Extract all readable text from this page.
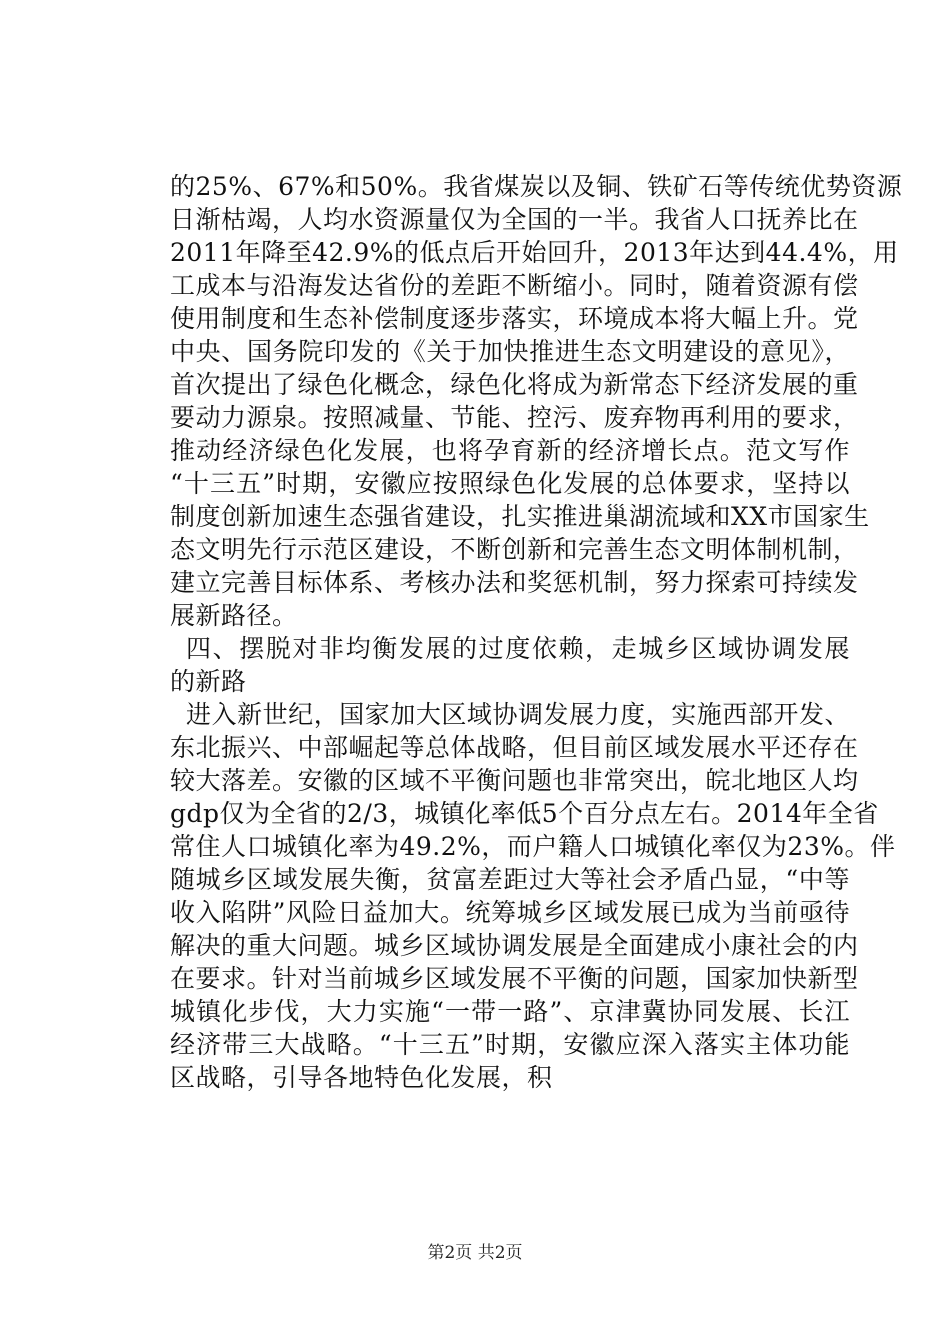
的25%、67%和50%。我省煤炭以及铜、铁矿石等传统优势资源
日渐枯竭，人均水资源量仅为全国的一半。我省人口抚养比在
2011年降至42.9%的低点后开始回升，2013年达到44.4%，用
工成本与沿海发达省份的差距不断缩小。同时，随着资源有偿
使用制度和生态补偿制度逐步落实，环境成本将大幅上升。党
中央、国务院印发的《关于加快推进生态文明建设的意见》，
首次提出了绿色化概念，绿色化将成为新常态下经济发展的重
要动力源泉。按照减量、节能、控污、废弃物再利用的要求，
推动经济绿色化发展，也将孕育新的经济增长点。范文写作
“十三五”时期，安徽应按照绿色化发展的总体要求，坚持以
制度创新加速生态强省建设，扎实推进巢湖流域和XX市国家生
态文明先行示范区建设，不断创新和完善生态文明体制机制，
建立完善目标体系、考核办法和奖惩机制，努力探索可持续发
展新路径。
四、摆脱对非均衡发展的过度依赖，走城乡区域协调发展
的新路
进入新世纪，国家加大区域协调发展力度，实施西部开发、
东北振兴、中部崛起等总体战略，但目前区域发展水平还存在
较大落差。安徽的区域不平衡问题也非常突出，皖北地区人均
gdp仅为全省的2/3，城镇化率低5个百分点左右。2014年全省
常住人口城镇化率为49.2%，而户籍人口城镇化率仅为23%。伴
随城乡区域发展失衡，贫富差距过大等社会矛盾凸显，“中等
收入陷阱”风险日益加大。统筹城乡区域发展已成为当前亟待
解决的重大问题。城乡区域协调发展是全面建成小康社会的内
在要求。针对当前城乡区域发展不平衡的问题，国家加快新型
城镇化步伐，大力实施“一带一路”、京津冀协同发展、长江
经济带三大战略。“十三五”时期，安徽应深入落实主体功能
区战略，引导各地特色化发展，积
第2页 共2页
